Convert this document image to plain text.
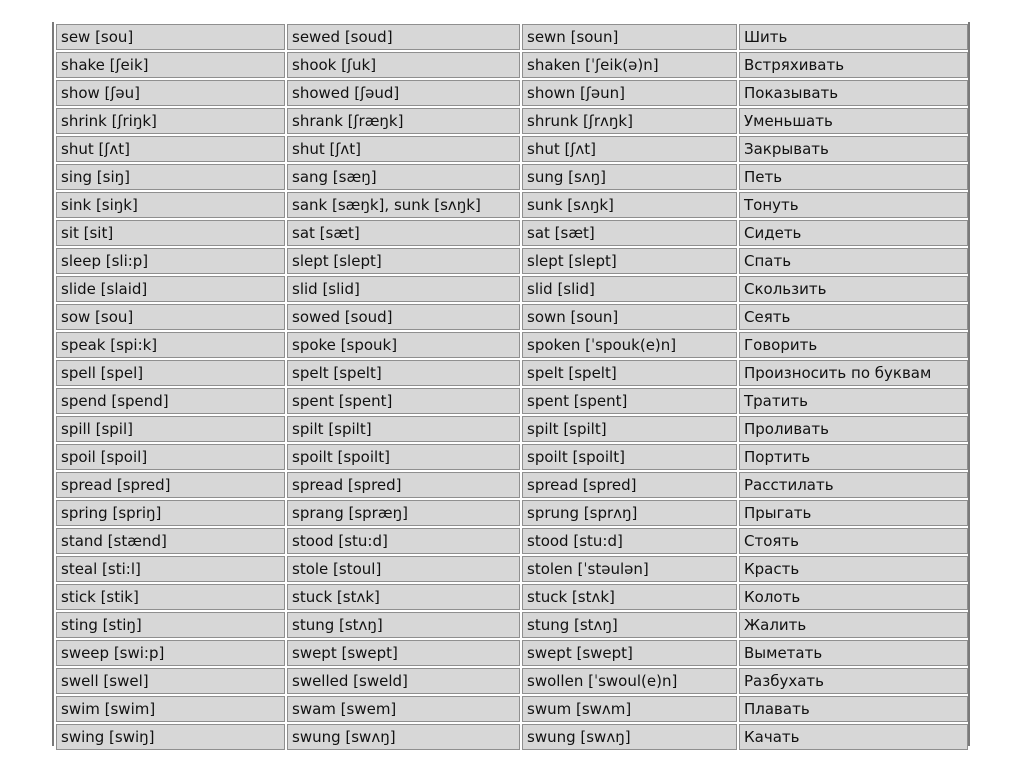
sew [sou]	sewed [soud]	sewn [soun]	Шить
shake [ʃeik]	shook [ʃuk]	shaken [ˈʃeik(ə)n]	Встряхивать
show [ʃəu]	showed [ʃəud]	shown [ʃəun]	Показывать
shrink [ʃriŋk]	shrank [ʃræŋk]	shrunk [ʃrʌŋk]	Уменьшать
shut [ʃʌt]	shut [ʃʌt]	shut [ʃʌt]	Закрывать
sing [siŋ]	sang [sæŋ]	sung [sʌŋ]	Петь
sink [siŋk]	sank [sæŋk], sunk [sʌŋk]	sunk [sʌŋk]	Тонуть
sit [sit]	sat [sæt]	sat [sæt]	Сидеть
sleep [sli:p]	slept [slept]	slept [slept]	Спать
slide [slaid]	slid [slid]	slid [slid]	Скользить
sow [sou]	sowed [soud]	sown [soun]	Сеять
speak [spi:k]	spoke [spouk]	spoken [ˈspouk(e)n]	Говорить
spell [spel]	spelt [spelt]	spelt [spelt]	Произносить по буквам
spend [spend]	spent [spent]	spent [spent]	Тратить
spill [spil]	spilt [spilt]	spilt [spilt]	Проливать
spoil [spoil]	spoilt [spoilt]	spoilt [spoilt]	Портить
spread [spred]	spread [spred]	spread [spred]	Расстилать
spring [spriŋ]	sprang [spræŋ]	sprung [sprʌŋ]	Прыгать
stand [stænd]	stood [stu:d]	stood [stu:d]	Стоять
steal [sti:l]	stole [stoul]	stolen [ˈstəulən]	Красть
stick [stik]	stuck [stʌk]	stuck [stʌk]	Колоть
sting [stiŋ]	stung [stʌŋ]	stung [stʌŋ]	Жалить
sweep [swi:p]	swept [swept]	swept [swept]	Выметать
swell [swel]	swelled [sweld]	swollen [ˈswoul(e)n]	Разбухать
swim [swim]	swam [swem]	swum [swʌm]	Плавать
swing [swiŋ]	swung [swʌŋ]	swung [swʌŋ]	Качать
